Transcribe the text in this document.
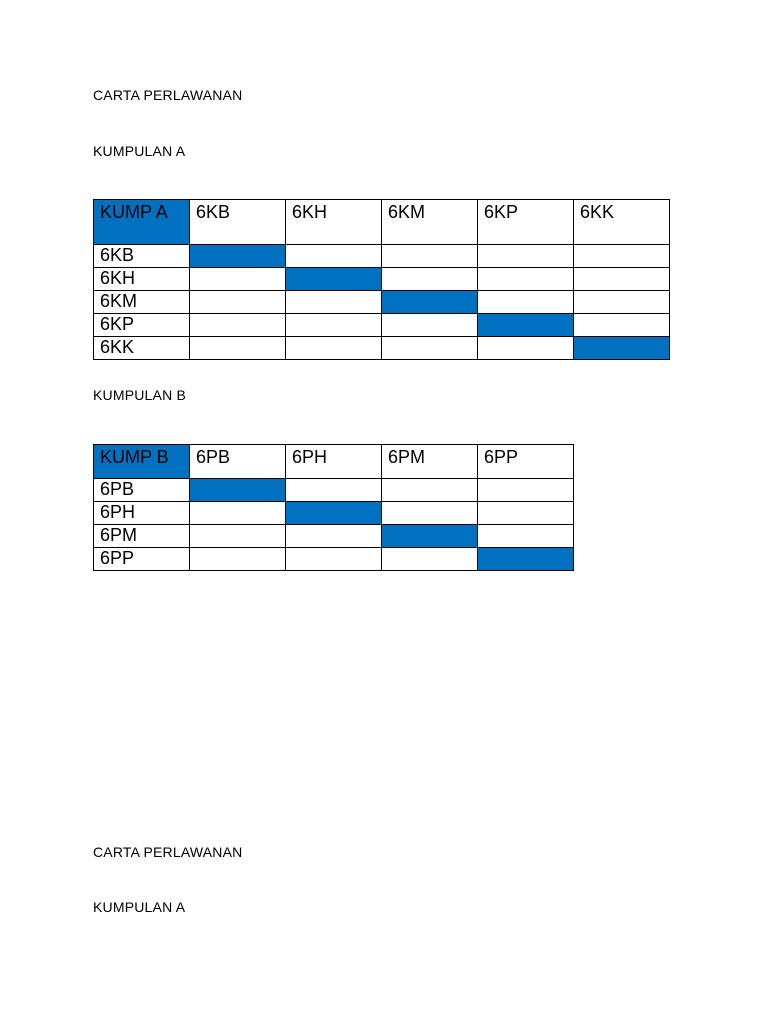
CARTA PERLAWANAN
KUMPULAN A
KUMP A	6KB	6KH	6KM	6KP	6KK
6KB					
6KH					
6KM					
6KP					
6KK					
KUMPULAN B
KUMP B	6PB	6PH	6PM	6PP
6PB				
6PH				
6PM				
6PP				
CARTA PERLAWANAN
KUMPULAN A
